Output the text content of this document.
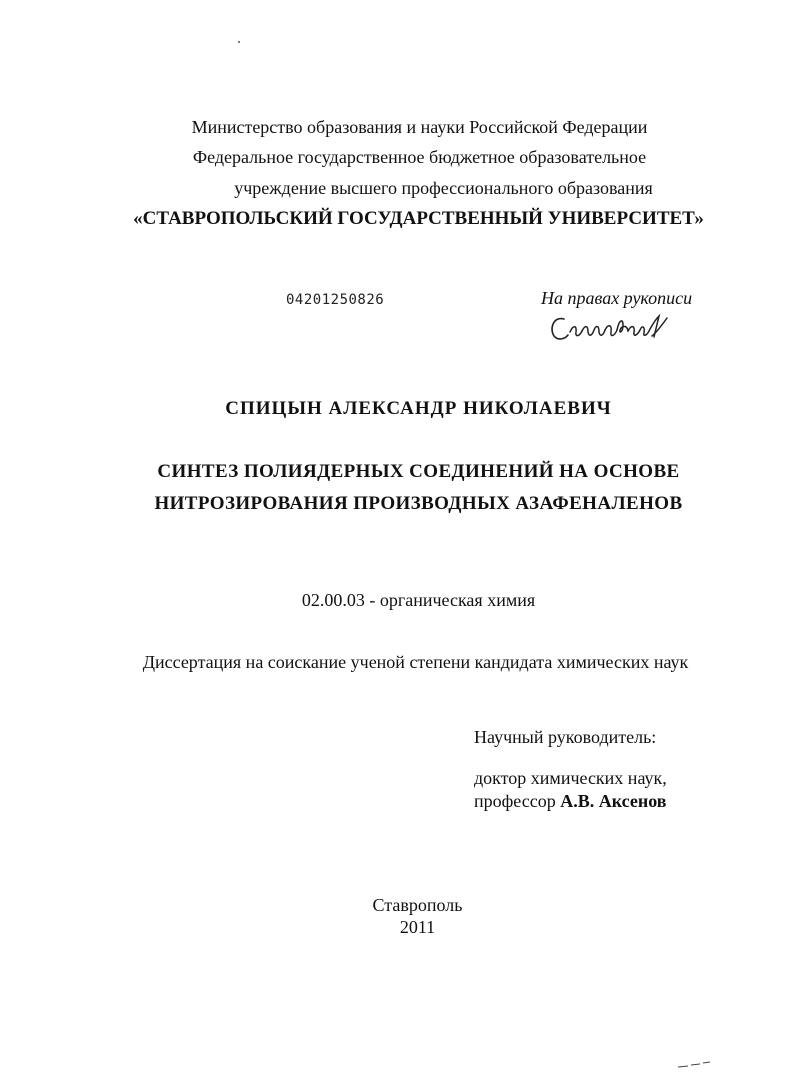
Министерство образования и науки Российской Федерации
Федеральное государственное бюджетное образовательное
учреждение высшего профессионального образования
«СТАВРОПОЛЬСКИЙ ГОСУДАРСТВЕННЫЙ УНИВЕРСИТЕТ»
04201250826	На правах рукописи
Спицын
СПИЦЫН АЛЕКСАНДР НИКОЛАЕВИЧ
СИНТЕЗ ПОЛИЯДЕРНЫХ СОЕДИНЕНИЙ НА ОСНОВЕ
НИТРОЗИРОВАНИЯ ПРОИЗВОДНЫХ АЗАФЕНАЛЕНОВ
02.00.03 - органическая химия
Диссертация на соискание ученой степени кандидата химических наук
Научный руководитель:
доктор химических наук,
профессор А.В. Аксенов
Ставрополь
2011
